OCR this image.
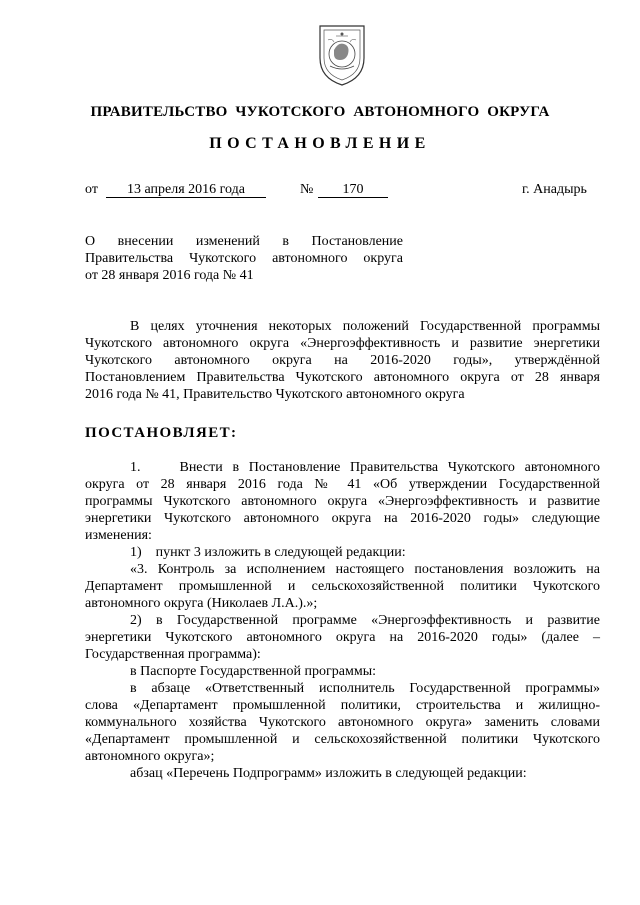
ПРАВИТЕЛЬСТВО  ЧУКОТСКОГО  АВТОНОМНОГО  ОКРУГА
ПОСТАНОВЛЕНИЕ
от	13 апреля 2016 года	№	170	г. Анадырь
О внесении изменений в Постановление
Правительства Чукотского автономного округа
от 28 января 2016 года № 41
В целях уточнения некоторых положений Государственной программы
Чукотского автономного округа «Энергоэффективность и развитие энергетики
Чукотского автономного округа на 2016-2020 годы», утверждённой
Постановлением Правительства Чукотского автономного округа от 28 января
2016 года № 41, Правительство Чукотского автономного округа
ПОСТАНОВЛЯЕТ:
1.    Внести в Постановление Правительства Чукотского автономного
округа от 28 января 2016 года № 41 «Об утверждении Государственной
программы Чукотского автономного округа «Энергоэффективность и развитие
энергетики Чукотского автономного округа на 2016-2020 годы» следующие
изменения:
1)    пункт 3 изложить в следующей редакции:
«3. Контроль за исполнением настоящего постановления возложить на
Департамент промышленной и сельскохозяйственной политики Чукотского
автономного округа (Николаев Л.А.).»;
2) в Государственной программе «Энергоэффективность и развитие
энергетики Чукотского автономного округа на 2016-2020 годы» (далее –
Государственная программа):
в Паспорте Государственной программы:
в абзаце «Ответственный исполнитель Государственной программы»
слова «Департамент промышленной политики, строительства и жилищно-
коммунального хозяйства Чукотского автономного округа» заменить словами
«Департамент промышленной и сельскохозяйственной политики Чукотского
автономного округа»;
абзац «Перечень Подпрограмм» изложить в следующей редакции:
